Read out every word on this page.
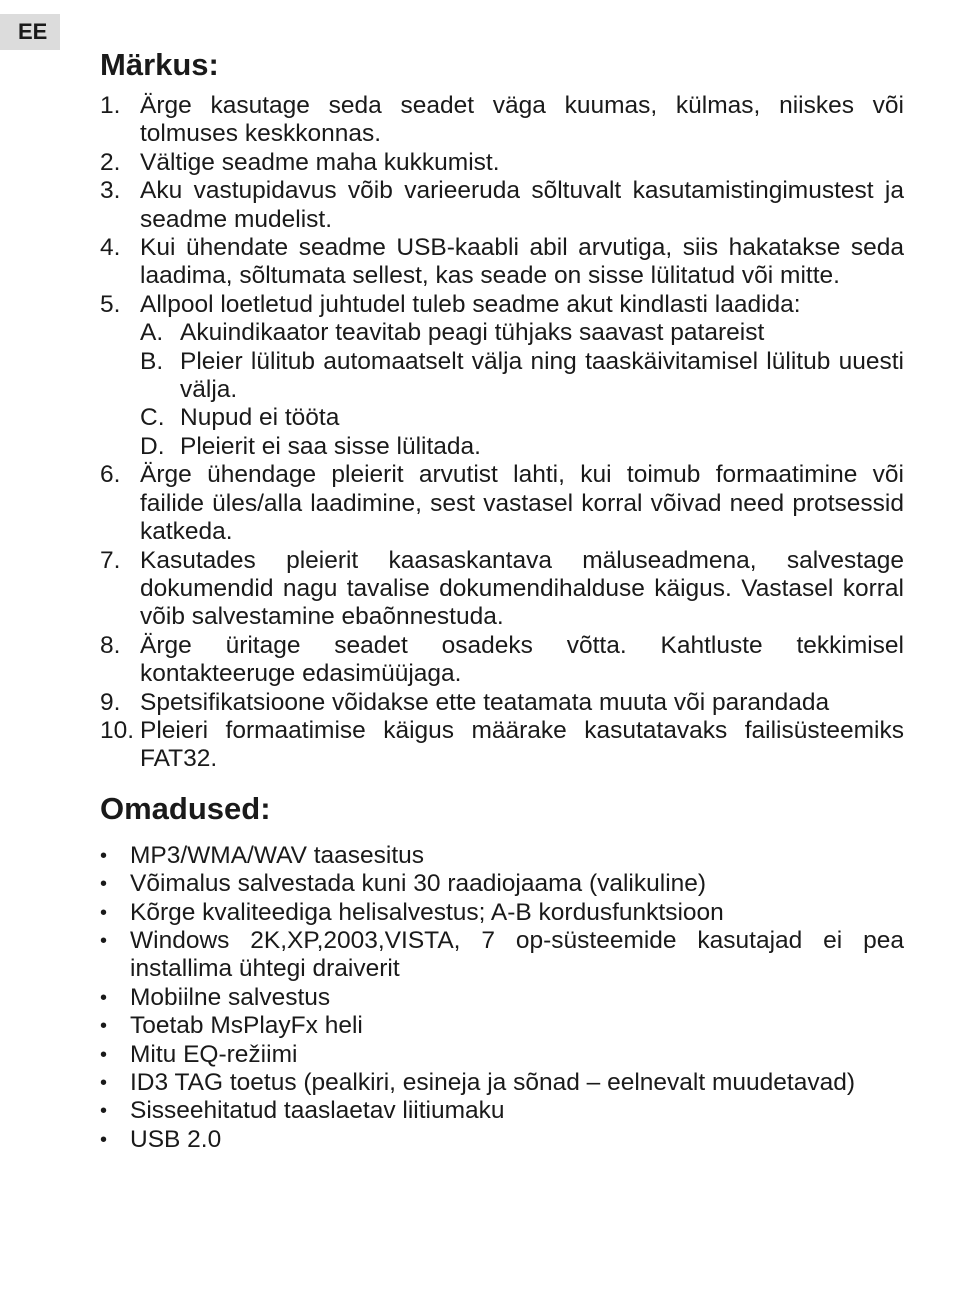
EE
Märkus:
1. Ärge kasutage seda seadet väga kuumas, külmas, niiskes või tolmuses keskkonnas.
2. Vältige seadme maha kukkumist.
3. Aku vastupidavus võib varieeruda sõltuvalt kasutamistingimustest ja seadme mudelist.
4. Kui ühendate seadme USB-kaabli abil arvutiga, siis hakatakse seda laadima, sõltumata sellest, kas seade on sisse lülitatud või mitte.
5. Allpool loetletud juhtudel tuleb seadme akut kindlasti laadida:
A. Akuindikaator teavitab peagi tühjaks saavast patareist
B. Pleier lülitub automaatselt välja ning taaskäivitamisel lülitub uuesti välja.
C. Nupud ei tööta
D. Pleierit ei saa sisse lülitada.
6. Ärge ühendage pleierit arvutist lahti, kui toimub formaatimine või failide üles/alla laadimine, sest vastasel korral võivad need protsessid katkeda.
7. Kasutades pleierit kaasaskantava mäluseadmena, salvestage dokumendid nagu tavalise dokumendihalduse käigus. Vastasel korral võib salvestamine ebaõnnestuda.
8. Ärge üritage seadet osadeks võtta. Kahtluste tekkimisel kontakteeruge edasimüüjaga.
9. Spetsifikatsioone võidakse ette teatamata muuta või parandada
10. Pleieri formaatimise käigus määrake kasutatavaks failisüsteemiks FAT32.
Omadused:
• MP3/WMA/WAV taasesitus
• Võimalus salvestada kuni 30 raadiojaama (valikuline)
• Kõrge kvaliteediga helisalvestus; A-B kordusfunktsioon
• Windows 2K,XP,2003,VISTA, 7 op-süsteemide kasutajad ei pea installima ühtegi draiverit
• Mobiilne salvestus
• Toetab MsPlayFx heli
• Mitu EQ-režiimi
• ID3 TAG toetus (pealkiri, esineja ja sõnad – eelnevalt muudetavad)
• Sisseehitatud taaslaetav liitiumaku
• USB 2.0
